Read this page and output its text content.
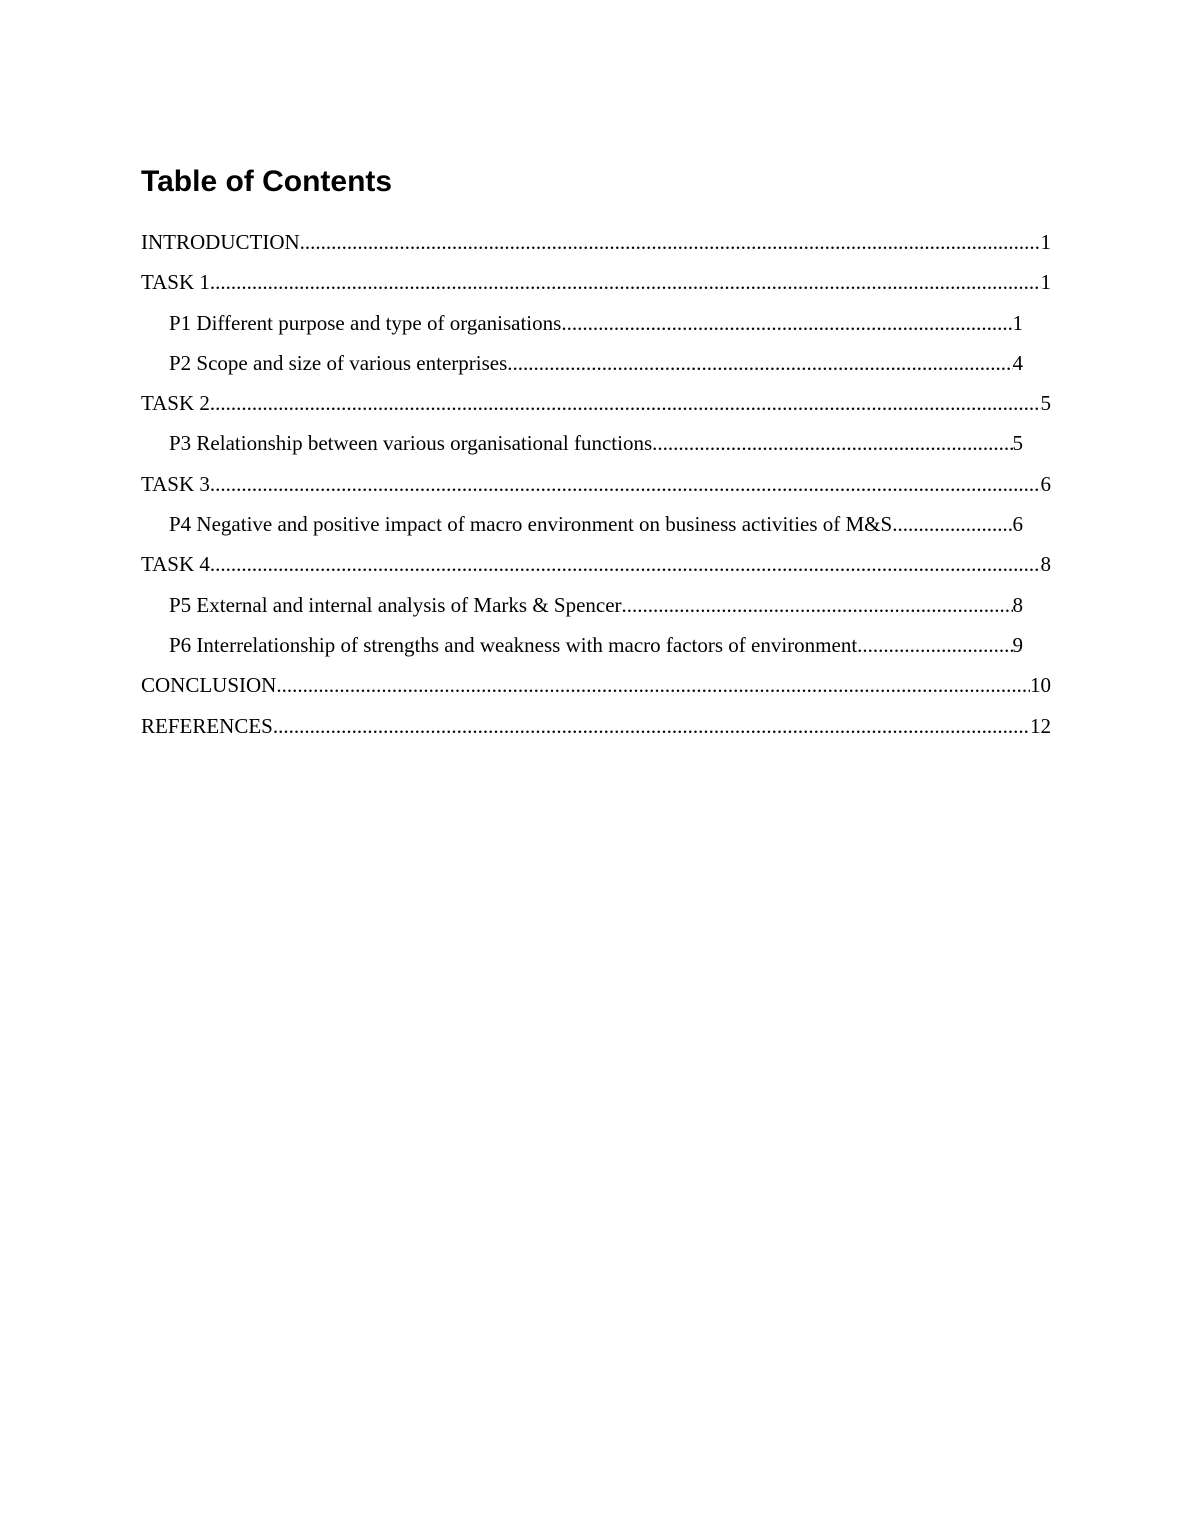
Table of Contents
INTRODUCTION .....	1
TASK 1 .....	1
P1 Different purpose and type of organisations .....	1
P2 Scope and size of various enterprises .....	4
TASK 2 .....	5
P3 Relationship between various organisational functions .....	5
TASK 3 .....	6
P4 Negative and positive impact of macro environment on business activities of M&S .....	6
TASK 4 .....	8
P5 External and internal analysis of Marks & Spencer .....	8
P6 Interrelationship of strengths and weakness with macro factors of environment .....	9
CONCLUSION .....	10
REFERENCES .....	12
